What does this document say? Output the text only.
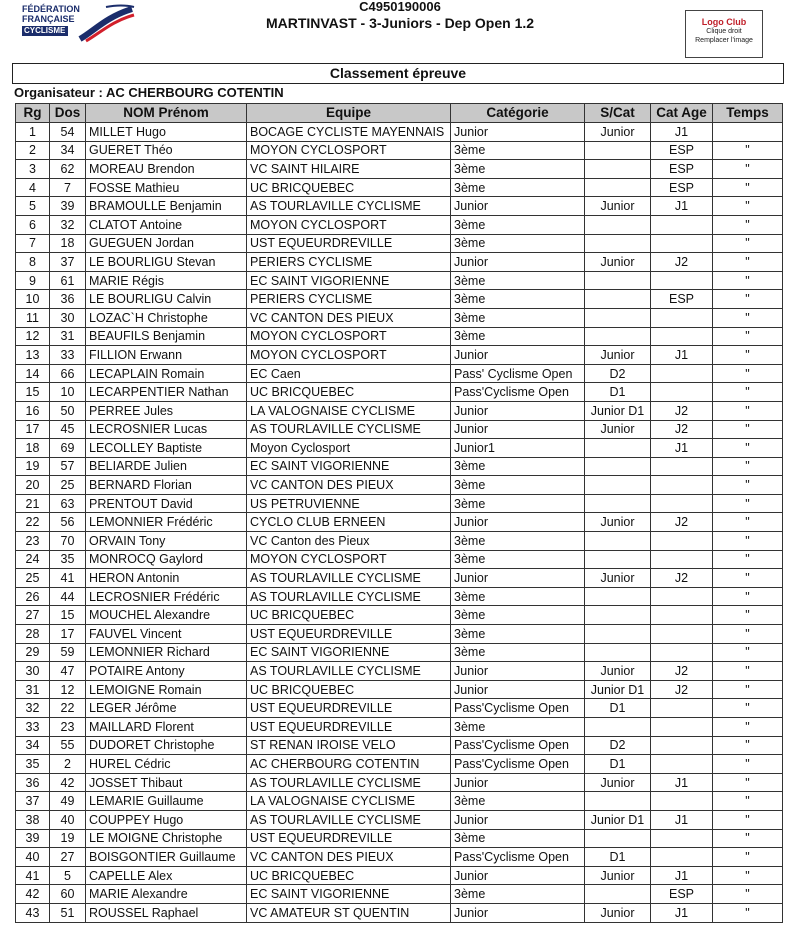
FÉDÉRATION
FRANÇAISE
CYCLISME
C4950190006
MARTINVAST - 3-Juniors - Dep Open 1.2	Logo Club
Clique droit
Remplacer l'image
Classement épreuve
Organisateur : AC CHERBOURG COTENTIN
Rg	Dos	NOM Prénom	Equipe	Catégorie	S/Cat	Cat Age	Temps
1	54	MILLET Hugo	BOCAGE CYCLISTE MAYENNAIS	Junior	Junior	J1	
2	34	GUERET Théo	MOYON CYCLOSPORT	3ème		ESP	"
3	62	MOREAU Brendon	VC SAINT HILAIRE	3ème		ESP	"
4	7	FOSSE Mathieu	UC BRICQUEBEC	3ème		ESP	"
5	39	BRAMOULLE Benjamin	AS TOURLAVILLE CYCLISME	Junior	Junior	J1	"
6	32	CLATOT Antoine	MOYON CYCLOSPORT	3ème			"
7	18	GUEGUEN Jordan	UST EQUEURDREVILLE	3ème			"
8	37	LE BOURLIGU Stevan	PERIERS CYCLISME	Junior	Junior	J2	"
9	61	MARIE Régis	EC SAINT VIGORIENNE	3ème			"
10	36	LE BOURLIGU Calvin	PERIERS CYCLISME	3ème		ESP	"
11	30	LOZAC`H Christophe	VC CANTON DES PIEUX	3ème			"
12	31	BEAUFILS Benjamin	MOYON CYCLOSPORT	3ème			"
13	33	FILLION Erwann	MOYON CYCLOSPORT	Junior	Junior	J1	"
14	66	LECAPLAIN Romain	EC Caen	Pass' Cyclisme Open	D2		"
15	10	LECARPENTIER Nathan	UC BRICQUEBEC	Pass'Cyclisme Open	D1		"
16	50	PERREE Jules	LA VALOGNAISE CYCLISME	Junior	Junior D1	J2	"
17	45	LECROSNIER Lucas	AS TOURLAVILLE CYCLISME	Junior	Junior	J2	"
18	69	LECOLLEY Baptiste	Moyon Cyclosport	Junior1		J1	"
19	57	BELIARDE Julien	EC SAINT VIGORIENNE	3ème			"
20	25	BERNARD Florian	VC CANTON DES PIEUX	3ème			"
21	63	PRENTOUT David	US PETRUVIENNE	3ème			"
22	56	LEMONNIER Frédéric	CYCLO CLUB ERNEEN	Junior	Junior	J2	"
23	70	ORVAIN Tony	VC Canton des Pieux	3ème			"
24	35	MONROCQ Gaylord	MOYON CYCLOSPORT	3ème			"
25	41	HERON Antonin	AS TOURLAVILLE CYCLISME	Junior	Junior	J2	"
26	44	LECROSNIER Frédéric	AS TOURLAVILLE CYCLISME	3ème			"
27	15	MOUCHEL Alexandre	UC BRICQUEBEC	3ème			"
28	17	FAUVEL Vincent	UST EQUEURDREVILLE	3ème			"
29	59	LEMONNIER Richard	EC SAINT VIGORIENNE	3ème			"
30	47	POTAIRE Antony	AS TOURLAVILLE CYCLISME	Junior	Junior	J2	"
31	12	LEMOIGNE Romain	UC BRICQUEBEC	Junior	Junior D1	J2	"
32	22	LEGER Jérôme	UST EQUEURDREVILLE	Pass'Cyclisme Open	D1		"
33	23	MAILLARD Florent	UST EQUEURDREVILLE	3ème			"
34	55	DUDORET Christophe	ST RENAN IROISE VELO	Pass'Cyclisme Open	D2		"
35	2	HUREL Cédric	AC CHERBOURG COTENTIN	Pass'Cyclisme Open	D1		"
36	42	JOSSET Thibaut	AS TOURLAVILLE CYCLISME	Junior	Junior	J1	"
37	49	LEMARIE Guillaume	LA VALOGNAISE CYCLISME	3ème			"
38	40	COUPPEY Hugo	AS TOURLAVILLE CYCLISME	Junior	Junior D1	J1	"
39	19	LE MOIGNE Christophe	UST EQUEURDREVILLE	3ème			"
40	27	BOISGONTIER Guillaume	VC CANTON DES PIEUX	Pass'Cyclisme Open	D1		"
41	5	CAPELLE Alex	UC BRICQUEBEC	Junior	Junior	J1	"
42	60	MARIE Alexandre	EC SAINT VIGORIENNE	3ème		ESP	"
43	51	ROUSSEL Raphael	VC AMATEUR ST QUENTIN	Junior	Junior	J1	"
